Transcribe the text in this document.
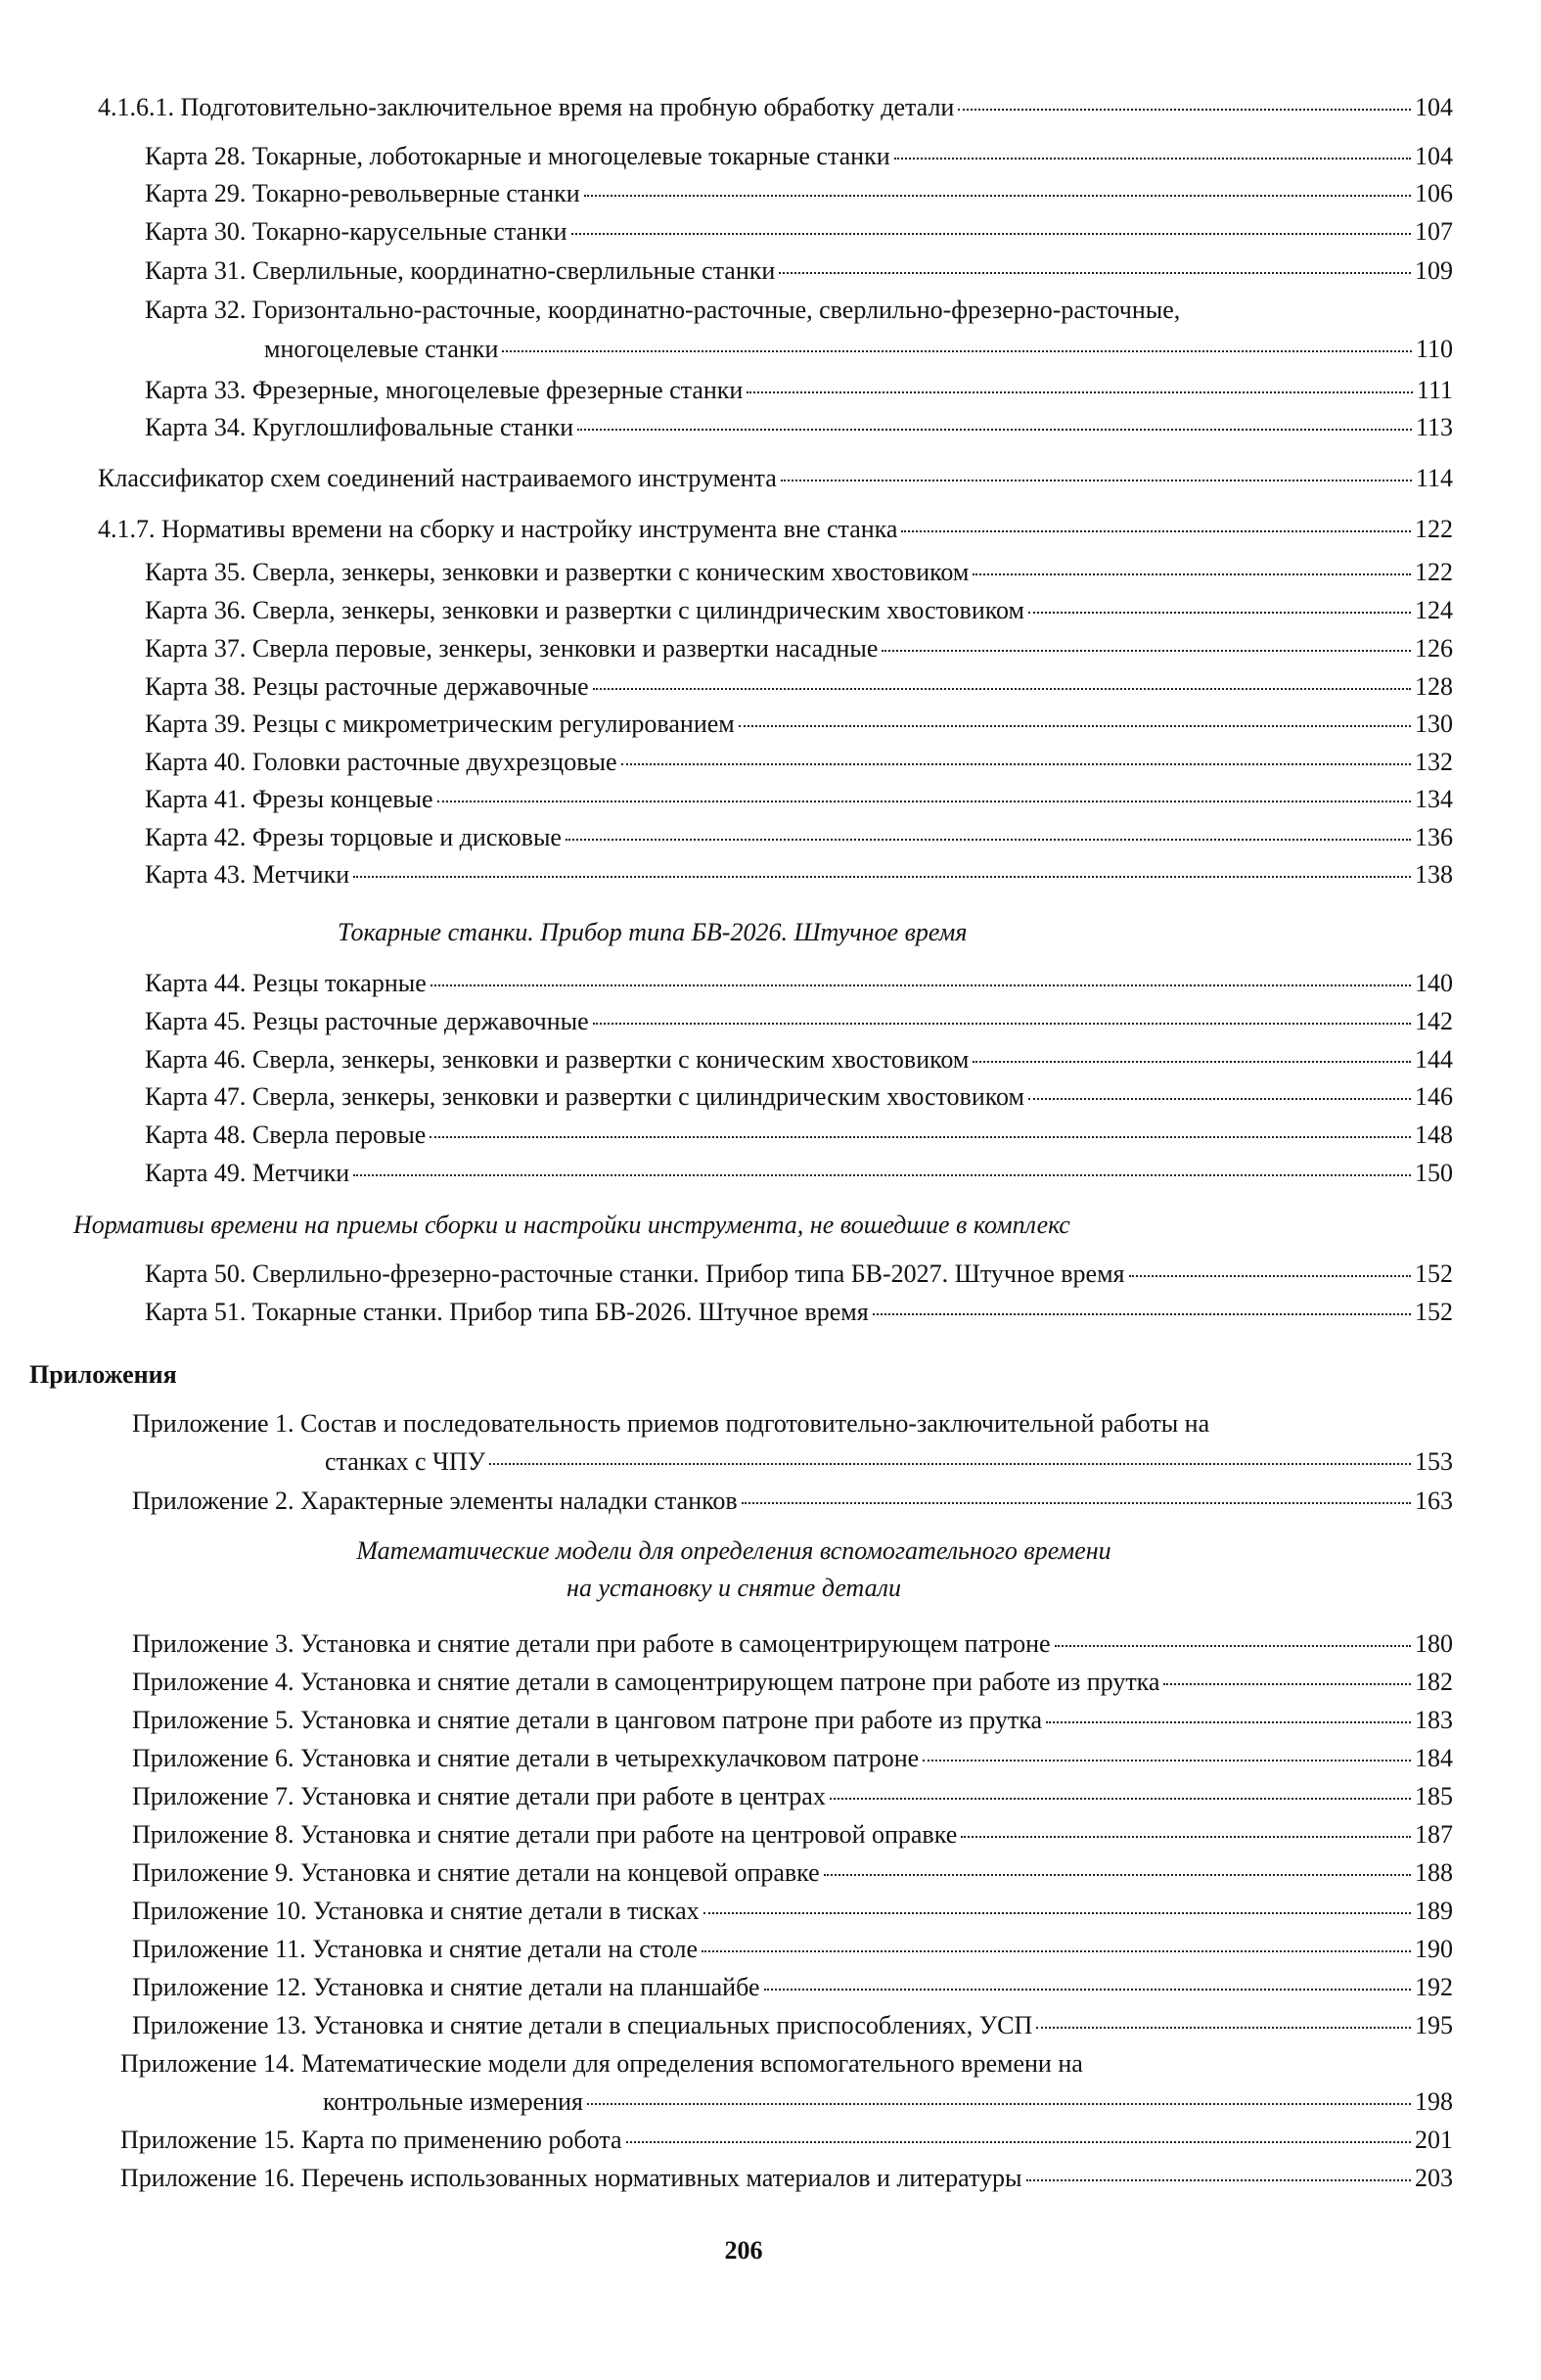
4.1.6.1. Подготовительно-заключительное время на пробную обработку детали	104
Карта 28. Токарные, лоботокарные и многоцелевые токарные станки	104
Карта 29. Токарно-револьверные станки	106
Карта 30. Токарно-карусельные станки	107
Карта 31. Сверлильные, координатно-сверлильные станки	109
Карта 32. Горизонтально-расточные, координатно-расточные, сверлильно-фрезерно-расточные,
многоцелевые станки	110
Карта 33. Фрезерные, многоцелевые фрезерные станки	111
Карта 34. Круглошлифовальные станки	113
Классификатор схем соединений настраиваемого инструмента	114
4.1.7. Нормативы времени на сборку и настройку инструмента вне станка	122
Карта 35. Сверла, зенкеры, зенковки и развертки с коническим хвостовиком	122
Карта 36. Сверла, зенкеры, зенковки и развертки с цилиндрическим хвостовиком	124
Карта 37. Сверла перовые, зенкеры, зенковки и развертки насадные	126
Карта 38. Резцы расточные державочные	128
Карта 39. Резцы с микрометрическим регулированием	130
Карта 40. Головки расточные двухрезцовые	132
Карта 41. Фрезы концевые	134
Карта 42. Фрезы торцовые и дисковые	136
Карта 43. Метчики	138
Токарные станки. Прибор типа БВ-2026. Штучное время
Карта 44. Резцы токарные	140
Карта 45. Резцы расточные державочные	142
Карта 46. Сверла, зенкеры, зенковки и развертки с коническим хвостовиком	144
Карта 47. Сверла, зенкеры, зенковки и развертки с цилиндрическим хвостовиком	146
Карта 48. Сверла перовые	148
Карта 49. Метчики	150
Нормативы времени на приемы сборки и настройки инструмента, не вошедшие в комплекс
Карта 50. Сверлильно-фрезерно-расточные станки. Прибор типа БВ-2027. Штучное время	152
Карта 51. Токарные станки. Прибор типа БВ-2026. Штучное время	152
Приложения
Приложение 1. Состав и последовательность приемов подготовительно-заключительной работы на
станках с ЧПУ	153
Приложение 2. Характерные элементы наладки станков	163
Математические модели для определения вспомогательного времени
на установку и снятие детали
Приложение 3. Установка и снятие детали при работе в самоцентрирующем патроне	180
Приложение 4. Установка и снятие детали в самоцентрирующем патроне при работе из прутка	182
Приложение 5. Установка и снятие детали в цанговом патроне при работе из прутка	183
Приложение 6. Установка и снятие детали в четырехкулачковом патроне	184
Приложение 7. Установка и снятие детали при работе в центрах	185
Приложение 8. Установка и снятие детали при работе на центровой оправке	187
Приложение 9. Установка и снятие детали на концевой оправке	188
Приложение 10. Установка и снятие детали в тисках	189
Приложение 11. Установка и снятие детали на столе	190
Приложение 12. Установка и снятие детали на планшайбе	192
Приложение 13. Установка и снятие детали в специальных приспособлениях, УСП	195
Приложение 14. Математические модели для определения вспомогательного времени на
контрольные измерения	198
Приложение 15. Карта по применению робота	201
Приложение 16. Перечень использованных нормативных материалов и литературы	203
206
